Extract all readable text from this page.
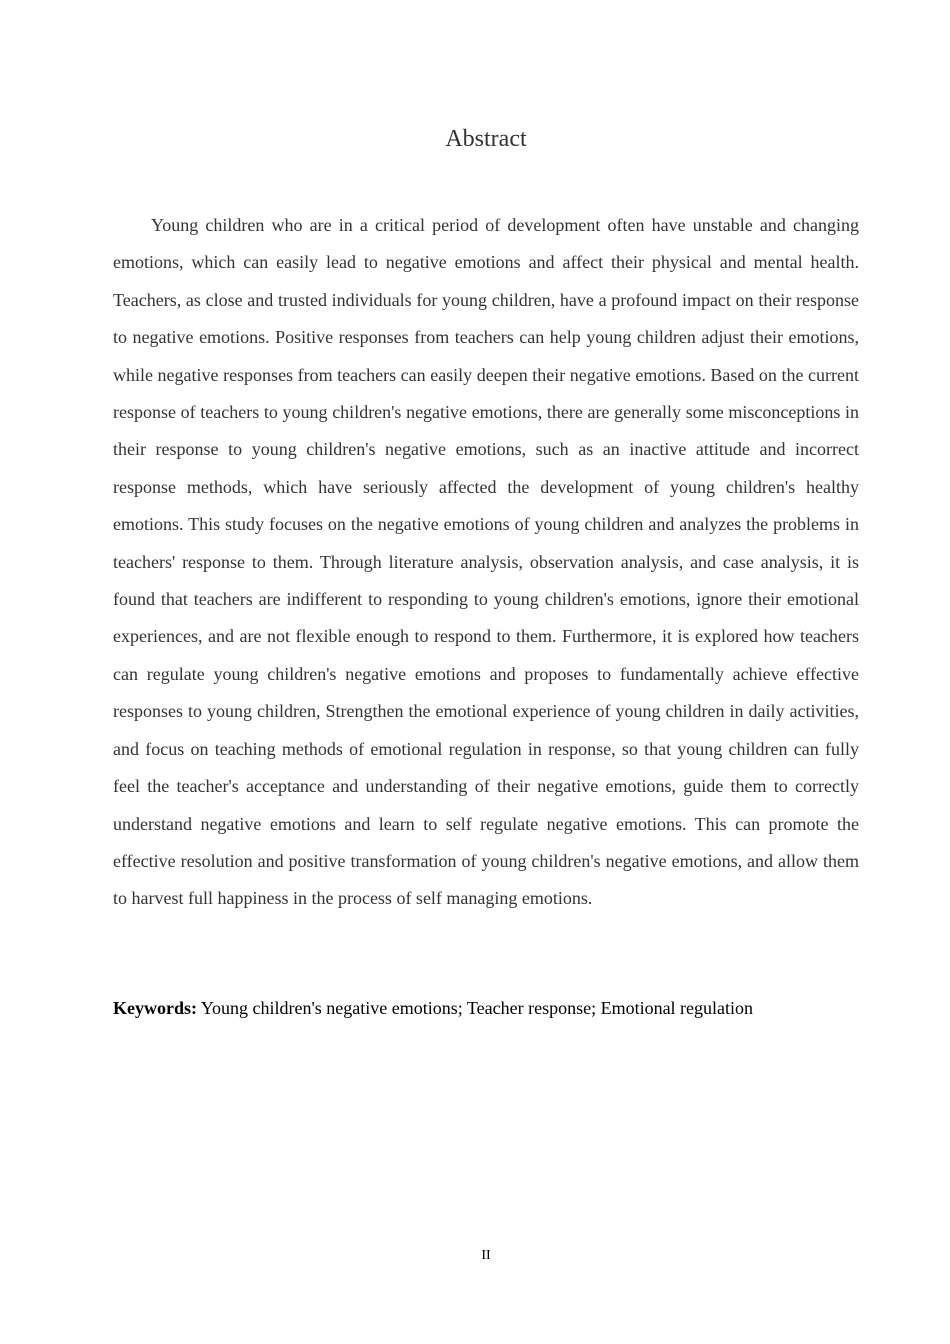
Abstract

Young children who are in a critical period of development often have unstable and changing emotions, which can easily lead to negative emotions and affect their physical and mental health. Teachers, as close and trusted individuals for young children, have a profound impact on their response to negative emotions. Positive responses from teachers can help young children adjust their emotions, while negative responses from teachers can easily deepen their negative emotions. Based on the current response of teachers to young children's negative emotions, there are generally some misconceptions in their response to young children's negative emotions, such as an inactive attitude and incorrect response methods, which have seriously affected the development of young children's healthy emotions. This study focuses on the negative emotions of young children and analyzes the problems in teachers' response to them. Through literature analysis, observation analysis, and case analysis, it is found that teachers are indifferent to responding to young children's emotions, ignore their emotional experiences, and are not flexible enough to respond to them. Furthermore, it is explored how teachers can regulate young children's negative emotions and proposes to fundamentally achieve effective responses to young children, Strengthen the emotional experience of young children in daily activities, and focus on teaching methods of emotional regulation in response, so that young children can fully feel the teacher's acceptance and understanding of their negative emotions, guide them to correctly understand negative emotions and learn to self regulate negative emotions. This can promote the effective resolution and positive transformation of young children's negative emotions, and allow them to harvest full happiness in the process of self managing emotions.

Keywords: Young children's negative emotions; Teacher response; Emotional regulation

II
